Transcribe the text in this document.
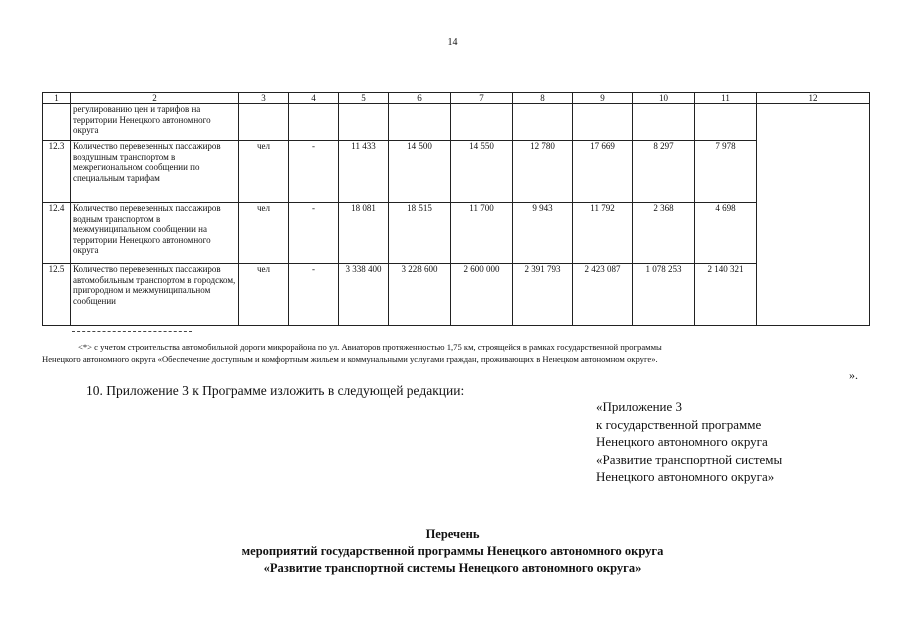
14
1	2	3	4	5	6	7	8	9	10	11	12
	регулированию цен и тарифов на территории Ненецкого автономного округа										
12.3	Количество перевезенных пассажиров воздушным транспортом в межрегиональном сообщении по специальным тарифам	чел	-	11 433	14 500	14 550	12 780	17 669	8 297	7 978	
12.4	Количество перевезенных пассажиров водным транспортом в межмуниципальном сообщении на территории Ненецкого автономного округа	чел	-	18 081	18 515	11 700	9 943	11 792	2 368	4 698	
12.5	Количество перевезенных пассажиров автомобильным транспортом в городском, пригородном и межмуниципальном сообщении	чел	-	3 338 400	3 228 600	2 600 000	2 391 793	2 423 087	1 078 253	2 140 321	
<*> с учетом строительства автомобильной дороги микрорайона по ул. Авиаторов протяженностью 1,75 км, строящейся в рамках государственной программы
Ненецкого автономного округа «Обеспечение доступным и комфортным жильем и коммунальными услугами граждан, проживающих в Ненецком автономном округе».
».
10. Приложение 3 к Программе изложить в следующей редакции:
«Приложение 3
к государственной программе
Ненецкого автономного округа
«Развитие транспортной системы
Ненецкого автономного округа»
Перечень
мероприятий государственной программы Ненецкого автономного округа
«Развитие транспортной системы Ненецкого автономного округа»
